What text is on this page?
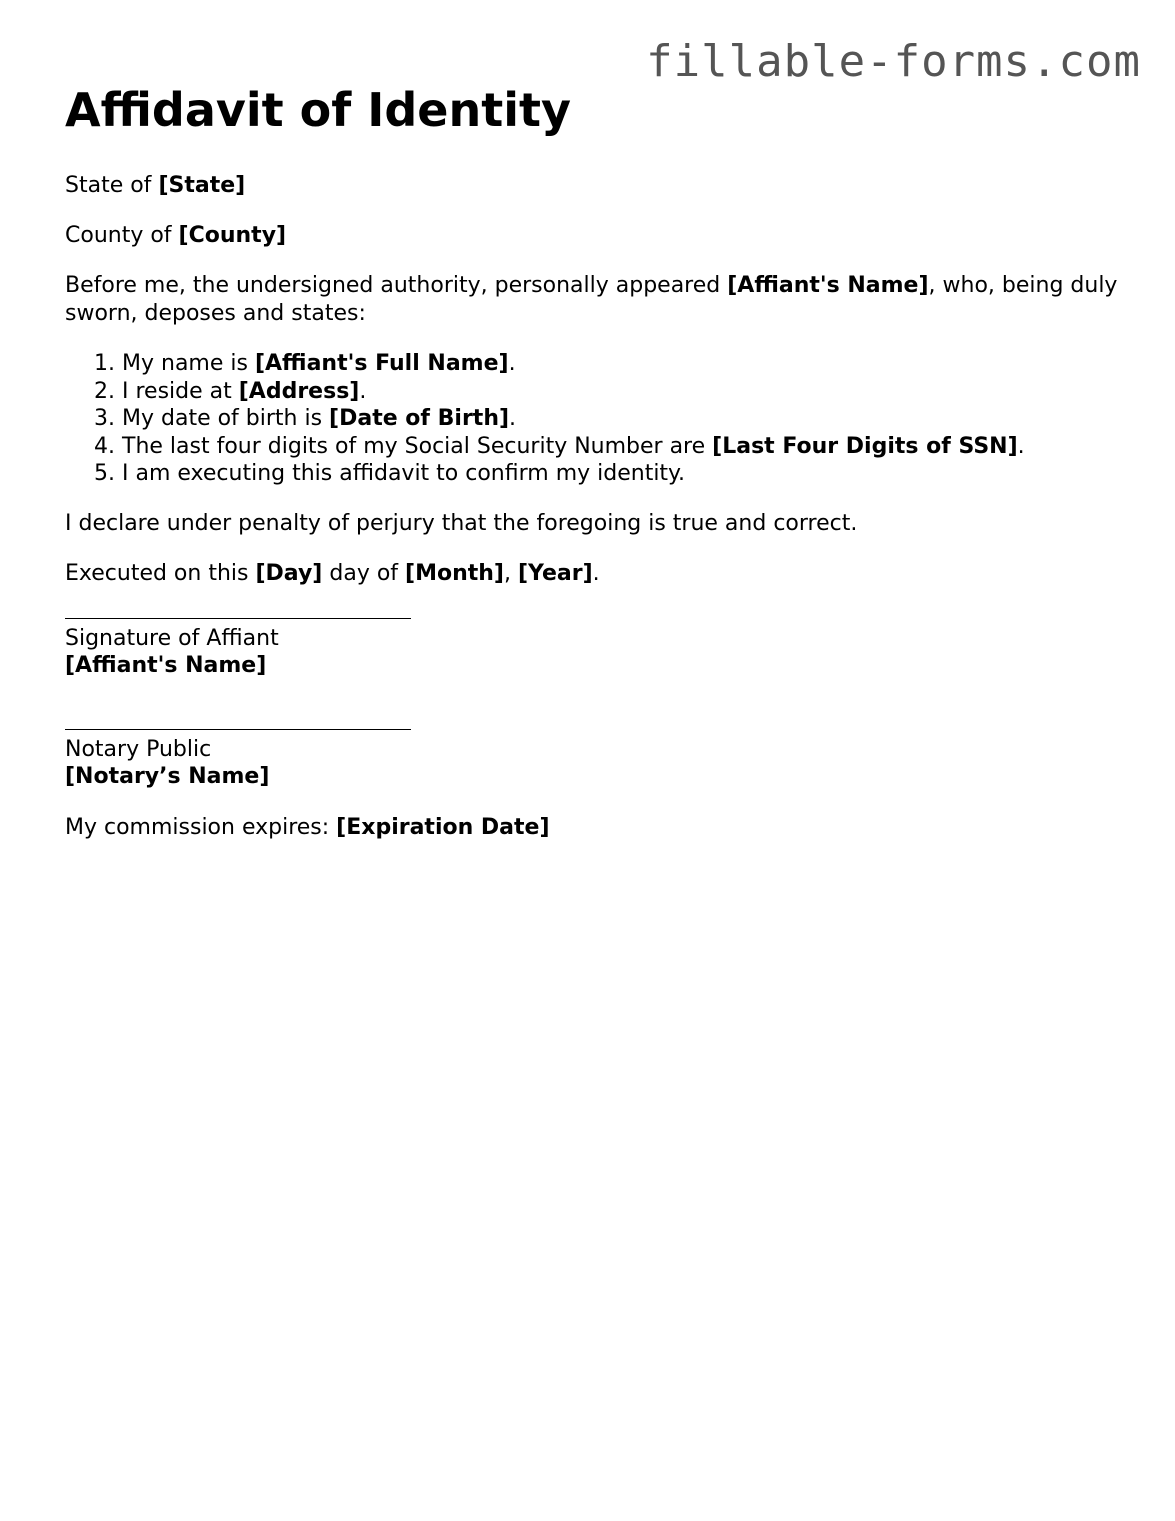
fillable-forms.com
Affidavit of Identity

State of [State]

County of [County]

Before me, the undersigned authority, personally appeared [Affiant's Name], who, being duly sworn, deposes and states:

1. My name is [Affiant's Full Name].
2. I reside at [Address].
3. My date of birth is [Date of Birth].
4. The last four digits of my Social Security Number are [Last Four Digits of SSN].
5. I am executing this affidavit to confirm my identity.

I declare under penalty of perjury that the foregoing is true and correct.

Executed on this [Day] day of [Month], [Year].

Signature of Affiant
[Affiant's Name]
Notary Public
[Notary’s Name]

My commission expires: [Expiration Date]
